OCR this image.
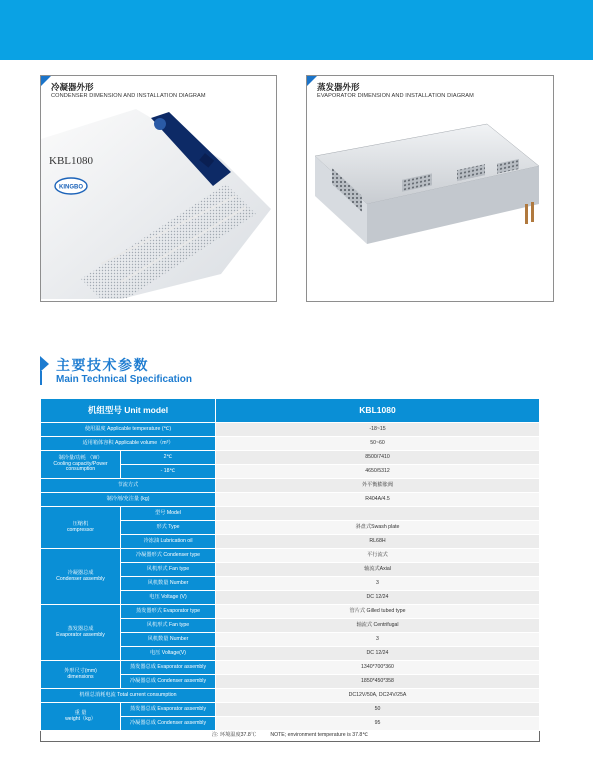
冷凝器外形
CONDENSER DIMENSION AND INSTALLATION DIAGRAM
KBL1080
KINGBO
蒸发器外形
EVAPORATOR DIMENSION AND INSTALLATION DIAGRAM
主要技术参数
Main Technical Specification
机组型号 Unit model		KBL1080
使用温度 Applicable temperature (℃)		-18~15
适用箱体容积 Applicable volume（m³）		50~60
制冷量/功耗 （W）
Cooling capacity/Power consumption	2℃	8500/7410
	- 18℃	4650/5312
节流方式		外平衡膨胀阀
制冷剂/充注量 (kg)		R404A/4.5
压缩机
compressor	型号 Model	
	形式 Type	斜盘式Swash plate
	冷冻油 Lubrication oil	RL68H
冷凝器总成
Condenser assembly	冷凝器形式 Condenser type	平行流式
	风机形式 Fan type	轴流式Axial
	风机数量 Number	3
	电压 Voltage (V)	DC 12/24
蒸发器总成
Evaporator assembly	蒸发器形式 Evaporator type	管片式 Gilled tubed type
	风机形式 Fan type	轴流式 Centrifugal
	风机数量 Number	3
	电压 Voltage(V)	DC 12/24
外形尺寸(mm)
dimensions	蒸发器总成 Evaporator assembly	1340*700*360
	冷凝器总成 Condenser assembly	1850*450*358
机组总消耗电流 Total current consumption		DC12V/50A, DC24V/25A
重 量
weight（kg）	蒸发器总成 Evaporator assembly	50
	冷凝器总成 Condenser assembly	95
注: 环境温度37.8℃          NOTE; environment temperature is 37.8℃		
